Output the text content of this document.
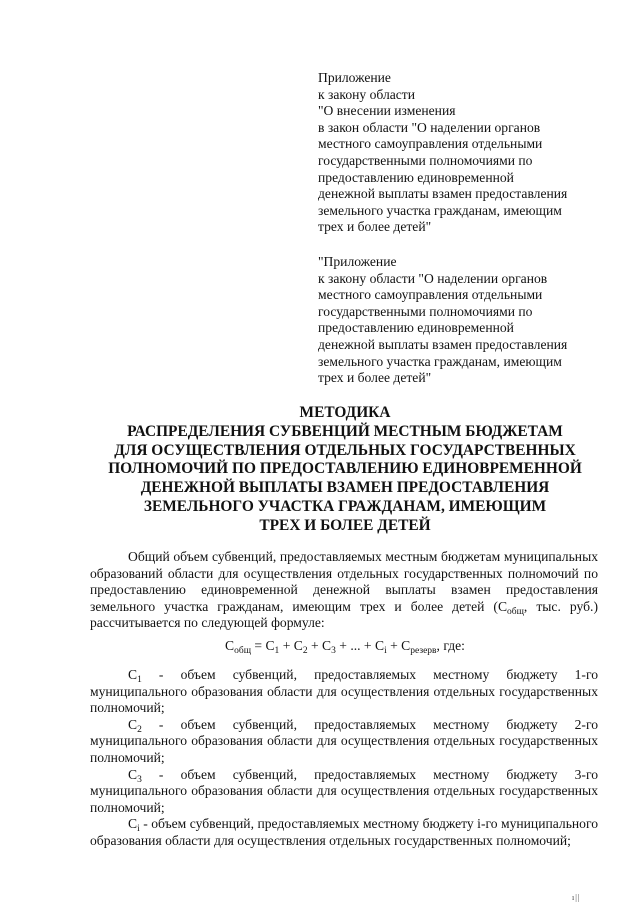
Приложение
к закону области
"О внесении изменения
в закон области "О наделении органов
местного самоуправления отдельными
государственными полномочиями по
предоставлению единовременной
денежной выплаты взамен предоставления
земельного участка гражданам, имеющим
трех и более детей"
"Приложение
к закону области "О наделении органов
местного самоуправления отдельными
государственными полномочиями по
предоставлению единовременной
денежной выплаты взамен предоставления
земельного участка гражданам, имеющим
трех и более детей"
МЕТОДИКА
РАСПРЕДЕЛЕНИЯ СУБВЕНЦИЙ МЕСТНЫМ БЮДЖЕТАМ
ДЛЯ ОСУЩЕСТВЛЕНИЯ ОТДЕЛЬНЫХ ГОСУДАРСТВЕННЫХ
ПОЛНОМОЧИЙ ПО ПРЕДОСТАВЛЕНИЮ ЕДИНОВРЕМЕННОЙ
ДЕНЕЖНОЙ ВЫПЛАТЫ ВЗАМЕН ПРЕДОСТАВЛЕНИЯ
ЗЕМЕЛЬНОГО УЧАСТКА ГРАЖДАНАМ, ИМЕЮЩИМ
ТРЕХ И БОЛЕЕ ДЕТЕЙ
Общий объем субвенций, предоставляемых местным бюджетам муниципальных образований области для осуществления отдельных государственных полномочий по предоставлению единовременной денежной выплаты взамен предоставления земельного участка гражданам, имеющим трех и более детей ($C_{общ}$, тыс. руб.) рассчитывается по следующей формуле:
$C_{общ} = C_1 + C_2 + C_3$ + ... + $C_i + C_{резерв}$, где:

$C_1$ - объем субвенций, предоставляемых местному бюджету 1-го муниципального образования области для осуществления отдельных государственных полномочий;

$C_2$ - объем субвенций, предоставляемых местному бюджету 2-го муниципального образования области для осуществления отдельных государственных полномочий;

$C_3$ - объем субвенций, предоставляемых местному бюджету 3-го муниципального образования области для осуществления отдельных государственных полномочий;

$C_i$ - объем субвенций, предоставляемых местному бюджету i-го муниципального образования области для осуществления отдельных государственных полномочий;

ı||
